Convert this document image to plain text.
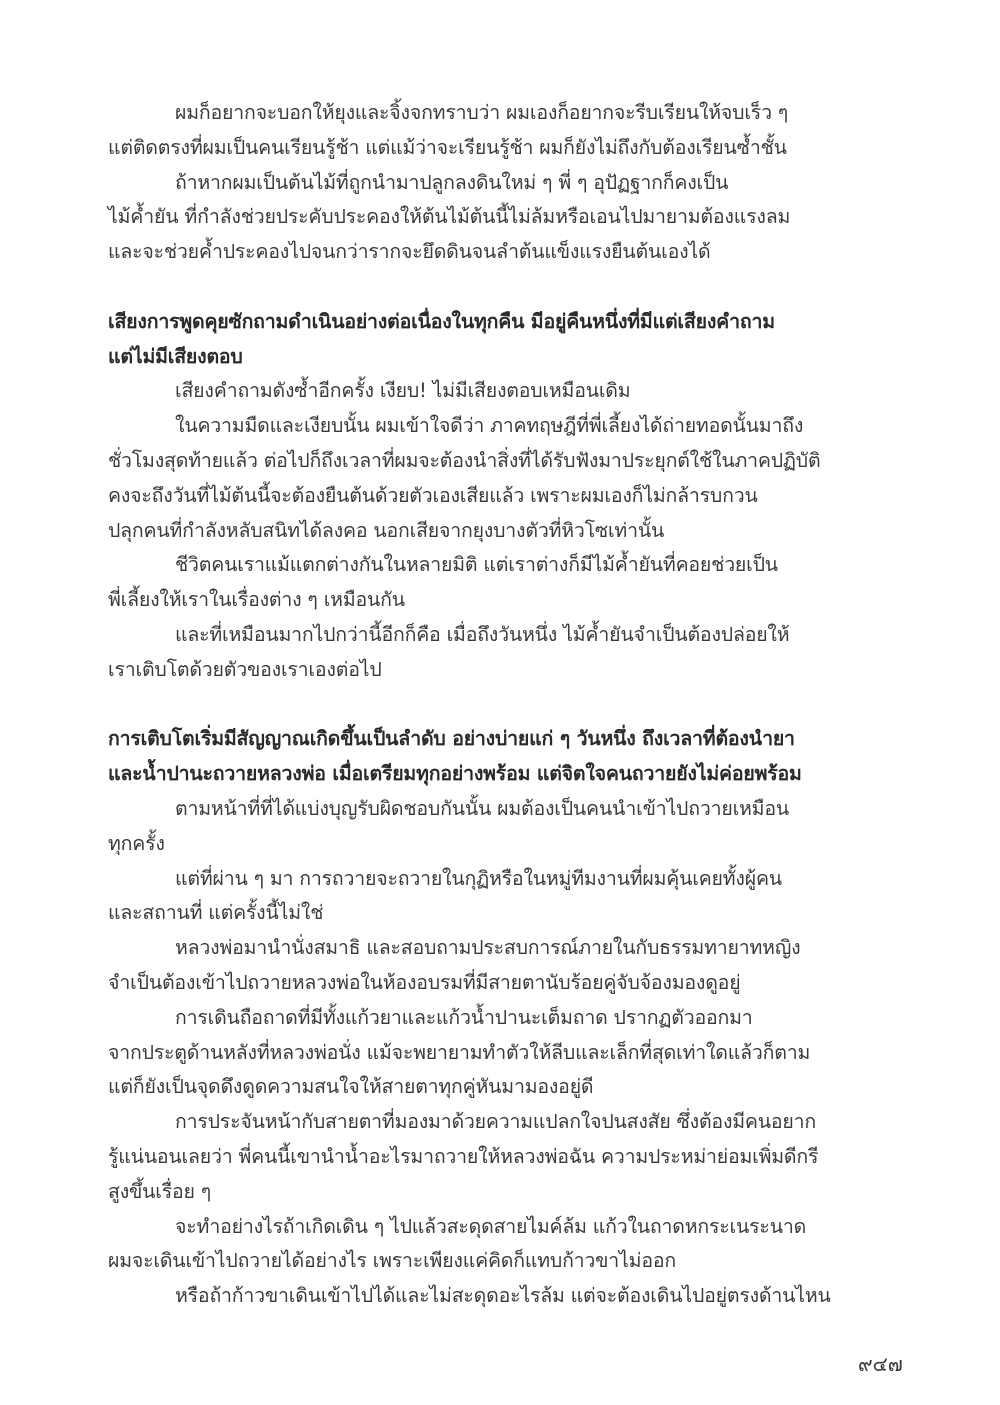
ผมก็อยากจะบอกให้ยุงและจิ้งจกทราบว่า ผมเองก็อยากจะรีบเรียนให้จบเร็ว ๆ
แต่ติดตรงที่ผมเป็นคนเรียนรู้ช้า แต่แม้ว่าจะเรียนรู้ช้า ผมก็ยังไม่ถึงกับต้องเรียนซ้ำชั้น
ถ้าหากผมเป็นต้นไม้ที่ถูกนำมาปลูกลงดินใหม่ ๆ พี่ ๆ อุปัฏฐากก็คงเป็น
ไม้ค้ำยัน ที่กำลังช่วยประคับประคองให้ต้นไม้ต้นนี้ไม่ล้มหรือเอนไปมายามต้องแรงลม
และจะช่วยค้ำประคองไปจนกว่ารากจะยึดดินจนลำต้นแข็งแรงยืนต้นเองได้
เสียงการพูดคุยซักถามดำเนินอย่างต่อเนื่องในทุกคืน มีอยู่คืนหนึ่งที่มีแต่เสียงคำถาม
แต่ไม่มีเสียงตอบ
เสียงคำถามดังซ้ำอีกครั้ง เงียบ! ไม่มีเสียงตอบเหมือนเดิม
ในความมืดและเงียบนั้น ผมเข้าใจดีว่า ภาคทฤษฎีที่พี่เลี้ยงได้ถ่ายทอดนั้นมาถึง
ชั่วโมงสุดท้ายแล้ว ต่อไปก็ถึงเวลาที่ผมจะต้องนำสิ่งที่ได้รับฟังมาประยุกต์ใช้ในภาคปฏิบัติ
คงจะถึงวันที่ไม้ต้นนี้จะต้องยืนต้นด้วยตัวเองเสียแล้ว เพราะผมเองก็ไม่กล้ารบกวน
ปลุกคนที่กำลังหลับสนิทได้ลงคอ นอกเสียจากยุงบางตัวที่หิวโซเท่านั้น
ชีวิตคนเราแม้แตกต่างกันในหลายมิติ แต่เราต่างก็มีไม้ค้ำยันที่คอยช่วยเป็น
พี่เลี้ยงให้เราในเรื่องต่าง ๆ เหมือนกัน
และที่เหมือนมากไปกว่านี้อีกก็คือ เมื่อถึงวันหนึ่ง ไม้ค้ำยันจำเป็นต้องปล่อยให้
เราเติบโตด้วยตัวของเราเองต่อไป
การเติบโตเริ่มมีสัญญาณเกิดขึ้นเป็นลำดับ อย่างบ่ายแก่ ๆ วันหนึ่ง ถึงเวลาที่ต้องนำยา
และน้ำปานะถวายหลวงพ่อ เมื่อเตรียมทุกอย่างพร้อม แต่จิตใจคนถวายยังไม่ค่อยพร้อม
ตามหน้าที่ที่ได้แบ่งบุญรับผิดชอบกันนั้น ผมต้องเป็นคนนำเข้าไปถวายเหมือน
ทุกครั้ง
แต่ที่ผ่าน ๆ มา การถวายจะถวายในกุฏิหรือในหมู่ทีมงานที่ผมคุ้นเคยทั้งผู้คน
และสถานที่ แต่ครั้งนี้ไม่ใช่
หลวงพ่อมานำนั่งสมาธิ และสอบถามประสบการณ์ภายในกับธรรมทายาทหญิง
จำเป็นต้องเข้าไปถวายหลวงพ่อในห้องอบรมที่มีสายตานับร้อยคู่จับจ้องมองดูอยู่
การเดินถือถาดที่มีทั้งแก้วยาและแก้วน้ำปานะเต็มถาด ปรากฏตัวออกมา
จากประตูด้านหลังที่หลวงพ่อนั่ง แม้จะพยายามทำตัวให้ลีบและเล็กที่สุดเท่าใดแล้วก็ตาม
แต่ก็ยังเป็นจุดดึงดูดความสนใจให้สายตาทุกคู่หันมามองอยู่ดี
การประจันหน้ากับสายตาที่มองมาด้วยความแปลกใจปนสงสัย ซึ่งต้องมีคนอยาก
รู้แน่นอนเลยว่า พี่คนนี้เขานำน้ำอะไรมาถวายให้หลวงพ่อฉัน ความประหม่าย่อมเพิ่มดีกรี
สูงขึ้นเรื่อย ๆ
จะทำอย่างไรถ้าเกิดเดิน ๆ ไปแล้วสะดุดสายไมค์ล้ม แก้วในถาดหกระเนระนาด
ผมจะเดินเข้าไปถวายได้อย่างไร เพราะเพียงแค่คิดก็แทบก้าวขาไม่ออก
หรือถ้าก้าวขาเดินเข้าไปได้และไม่สะดุดอะไรล้ม แต่จะต้องเดินไปอยู่ตรงด้านไหน
๙๔๗
